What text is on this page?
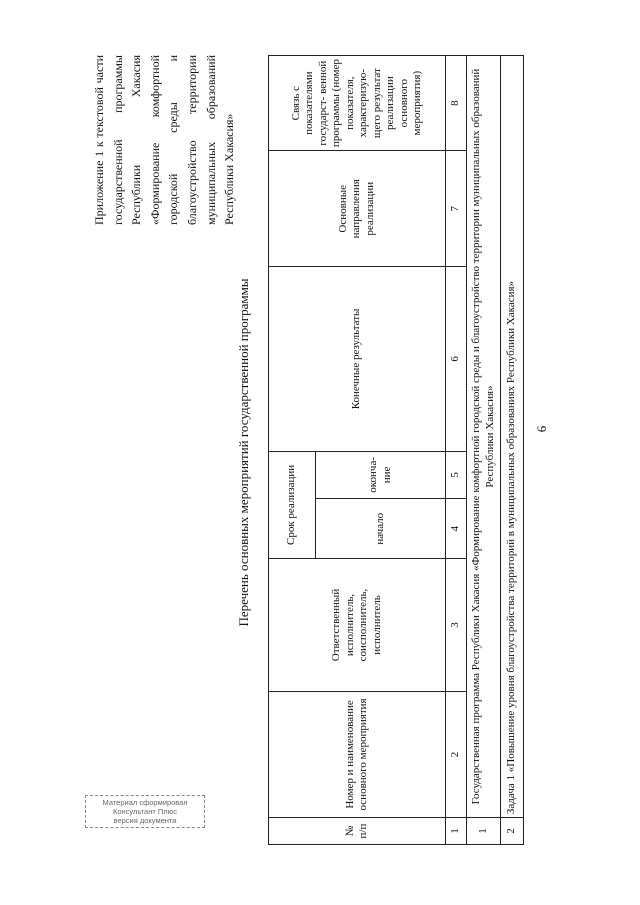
6
Приложение 1 к текстовой части государственной программы Республики Хакасия «Формирование комфортной городской среды и благоустройство территории муниципальных образований Республики Хакасия»
Перечень основных мероприятий государственной программы
№ п/п	Номер и наименование основного мероприятия	Ответственный исполнитель, соисполнитель, исполнитель	Срок реализации		Конечные результаты	Основные направления реализации	Связь с показателями государст- венной программы (номер показателя, характеризую- щего результат реализации основного мероприятия)
			начало	оконча- ние			
1	2	3	4	5	6	7	8
1	Государственная программа Республики Хакасия «Формирование комфортной городской среды и благоустройство территории муниципальных образований Республики Хакасия»						
2	Задача 1 «Повышение уровня благоустройства территорий в муниципальных образованиях Республики Хакасия»						
Материал сформирован
Консультант Плюс
версия документа
